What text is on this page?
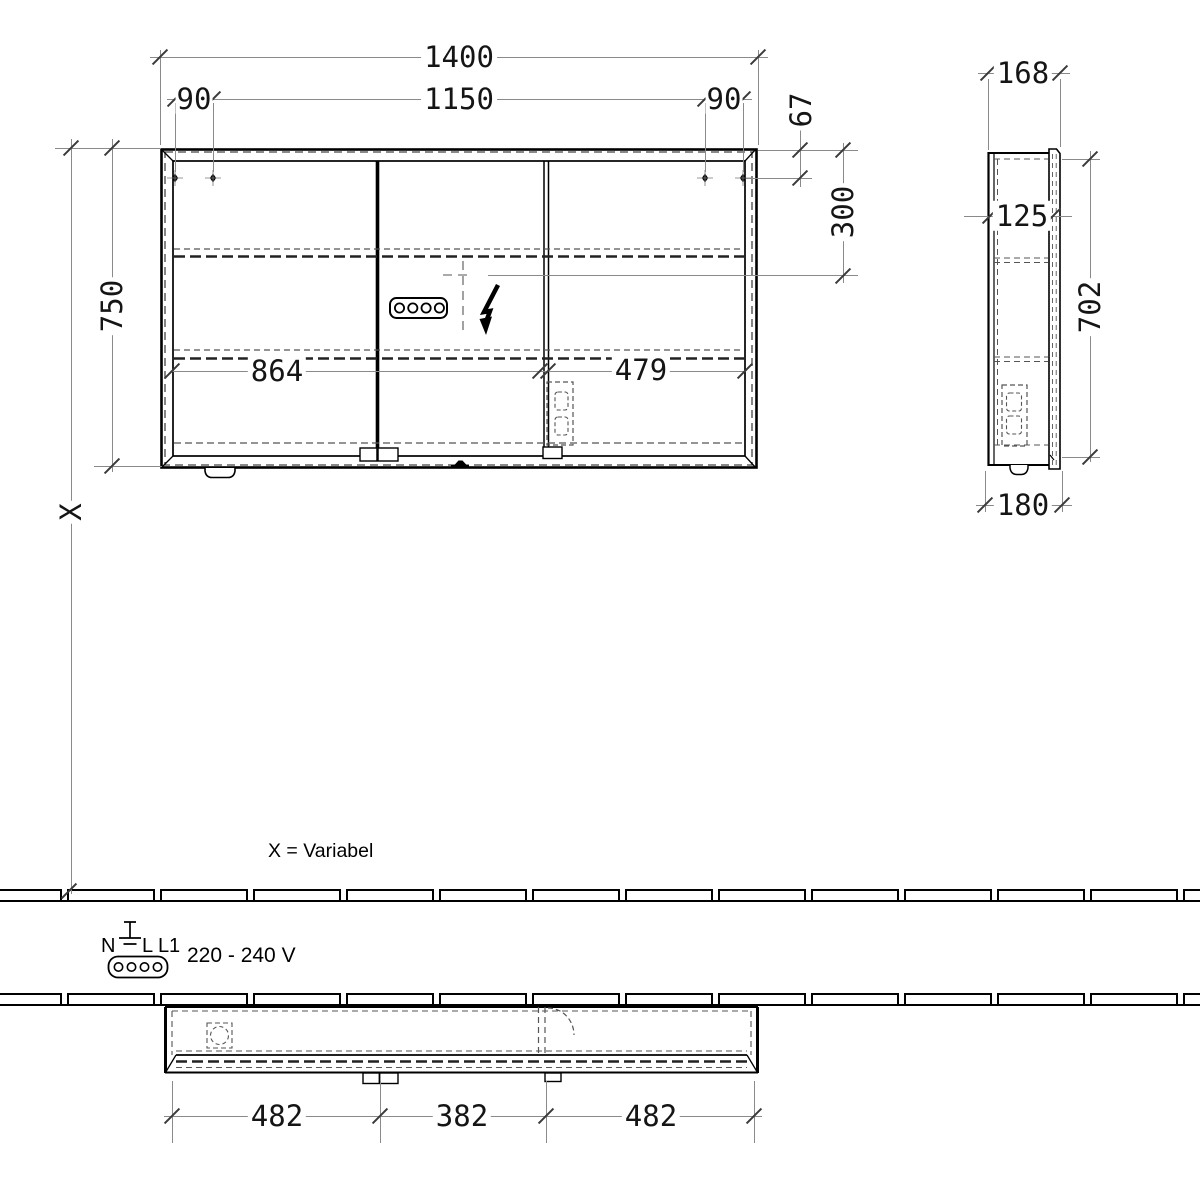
1400
90	1150	90 67
300
750
X
864	479
168
125
702
180
482	382	482
X = Variabel
N L L1 220 - 240 V
